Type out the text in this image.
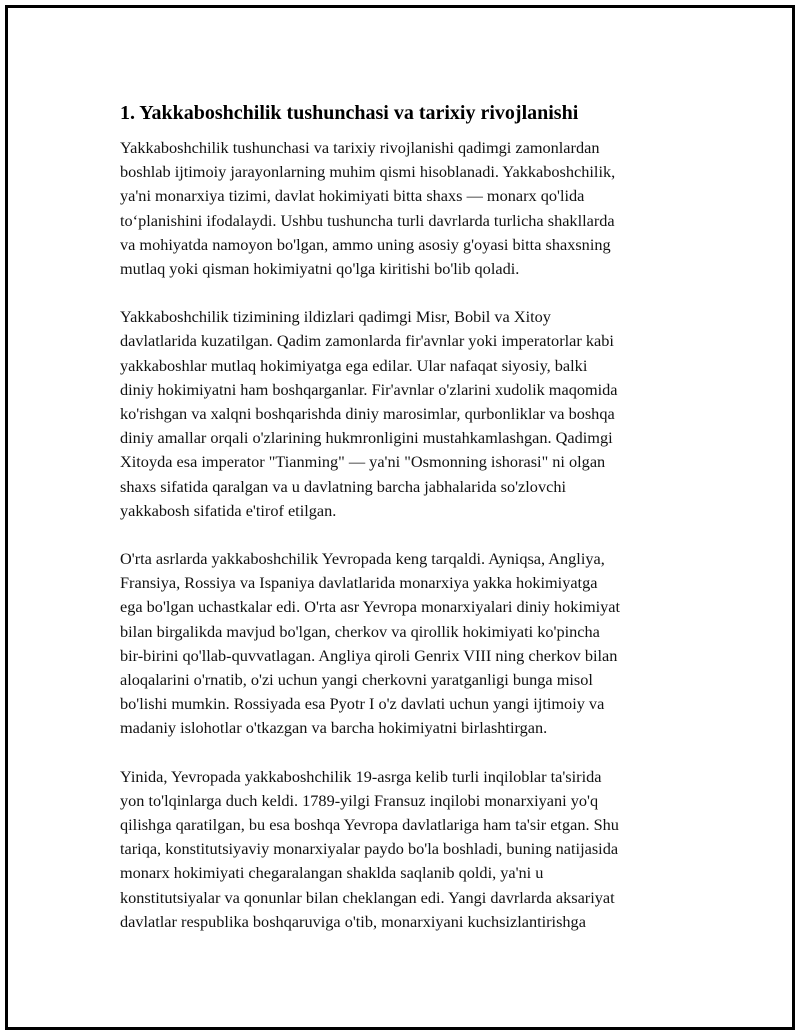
1. Yakkaboshchilik tushunchasi va tarixiy rivojlanishi

Yakkaboshchilik tushunchasi va tarixiy rivojlanishi qadimgi zamonlardan
boshlab ijtimoiy jarayonlarning muhim qismi hisoblanadi. Yakkaboshchilik,
ya'ni monarxiya tizimi, davlat hokimiyati bitta shaxs — monarx qo'lida
to‘planishini ifodalaydi. Ushbu tushuncha turli davrlarda turlicha shakllarda
va mohiyatda namoyon bo'lgan, ammo uning asosiy g'oyasi bitta shaxsning
mutlaq yoki qisman hokimiyatni qo'lga kiritishi bo'lib qoladi.

Yakkaboshchilik tizimining ildizlari qadimgi Misr, Bobil va Xitoy
davlatlarida kuzatilgan. Qadim zamonlarda fir'avnlar yoki imperatorlar kabi
yakkaboshlar mutlaq hokimiyatga ega edilar. Ular nafaqat siyosiy, balki
diniy hokimiyatni ham boshqarganlar. Fir'avnlar o'zlarini xudolik maqomida
ko'rishgan va xalqni boshqarishda diniy marosimlar, qurbonliklar va boshqa
diniy amallar orqali o'zlarining hukmronligini mustahkamlashgan. Qadimgi
Xitoyda esa imperator "Tianming" — ya'ni "Osmonning ishorasi" ni olgan
shaxs sifatida qaralgan va u davlatning barcha jabhalarida so'zlovchi
yakkabosh sifatida e'tirof etilgan.

O'rta asrlarda yakkaboshchilik Yevropada keng tarqaldi. Ayniqsa, Angliya,
Fransiya, Rossiya va Ispaniya davlatlarida monarxiya yakka hokimiyatga
ega bo'lgan uchastkalar edi. O'rta asr Yevropa monarxiyalari diniy hokimiyat
bilan birgalikda mavjud bo'lgan, cherkov va qirollik hokimiyati ko'pincha
bir-birini qo'llab-quvvatlagan. Angliya qiroli Genrix VIII ning cherkov bilan
aloqalarini o'rnatib, o'zi uchun yangi cherkovni yaratganligi bunga misol
bo'lishi mumkin. Rossiyada esa Pyotr I o'z davlati uchun yangi ijtimoiy va
madaniy islohotlar o'tkazgan va barcha hokimiyatni birlashtirgan.

Yinida, Yevropada yakkaboshchilik 19-asrga kelib turli inqiloblar ta'sirida
yon to'lqinlarga duch keldi. 1789-yilgi Fransuz inqilobi monarxiyani yo'q
qilishga qaratilgan, bu esa boshqa Yevropa davlatlariga ham ta'sir etgan. Shu
tariqa, konstitutsiyaviy monarxiyalar paydo bo'la boshladi, buning natijasida
monarx hokimiyati chegaralangan shaklda saqlanib qoldi, ya'ni u
konstitutsiyalar va qonunlar bilan cheklangan edi. Yangi davrlarda aksariyat
davlatlar respublika boshqaruviga o'tib, monarxiyani kuchsizlantirishga
